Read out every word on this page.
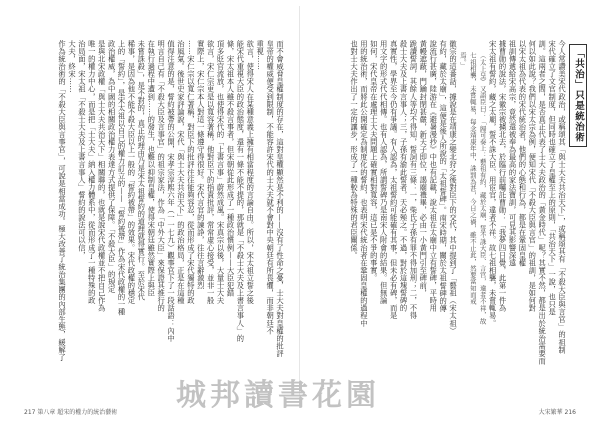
而不會威脅皇權制度的存在，這對皇權顯然是不利的——沒有了性命之憂，士大夫對皇權的批評
皇帝的權威便受到限制，不能容許宋代的士大夫就不會對中央朝廷有所畏懼，而非朝廷不
重視……
欲言，使得宋人在某種意義上擁有相當程度的言論自由。所以，宋太祖立誓之後
能宋代重視大臣的政治態度，還有一條不能不提的，那就是「不殺士大夫及上書言事人」的
條，宋太祖本人雖不殺言事者，但宋朝從此形成了一種政治慣例——大臣犯錯
頂多貶官流放，也使得宋代的「上書言事」蔚然成風。宋真宗以後，大量士大夫
欲言，宋仁宗更是以寬容著稱，他對臣下的指責批評，常常虛心接受，並非一般
實際上，宋仁宗本人對這一條遵守得很好。宋代言官的諫諍，往往言辭激烈
……宋仁宗以寬仁著稱，對臣下的批評往往能夠容忍，從而形成了宋代獨特的政
治風氣。後世史家評論說，宋代「與士大夫共治天下」的政治格局，正是在這種
值得注意的是，誓約被帶的公開，宋孝宗淳熙六年（一一七九）觀事官下了一段話語：內中
明言自己有「不殺大臣及言事官」的祖宗家法，作為「中外大臣」來保證其推行的
在執行過程中遭到……的發生，也難以抑制皇權，使得宋朝廷雖然實際上與臣
未嘗誅殺」，是不對的，真正的理由乃是宋太祖誓約的道理就得實行。至於宋代
稀事，是因為他不能不殺大臣以上一般的「誓約被帶」的效果。宋代政權的穩定
上的「誓約」，是宋太祖以自己的權力訂立的——「誓約被帶」作為宋代政權的一種
政治權威，為中國的相關政治權力表達方式提供了保障。「不殺大臣」的規定
是與北宋政權「與士大夫共治天下」相關聯的，也就是說宋代政權並不把自己作為
唯一的權力中心，而是把「士大夫」納入權力體系中，從而形成了一種特殊的政
治局面，宋太祖「不殺士大夫及上書言事人」誓約的說法可以信，
大夫，終宋……
作為統治術的「不殺大臣與言事官」，可說是相當成功。極大改善了統治集團的內部生態，緩解了
217 第八章 超宋的權力的統治藝術
「共治」只是統治術
今人常讚美宋代政治，或稱頌其「與士大夫共治天下」，或稱頌其有「不殺大臣與言官」的祖制
宋代確立了文官制度，但同時也確立了皇權至上的原則，「共治天下」一說，也只是
訓。這兩者之間，是否真正代表了士大夫政治的「黃金時代」呢？其實不然，都是出於統治需要而
何以如此說？我們以宋太宗為例，便知宋代「不殺大臣與言官」的祖訓，是如何對
以宋太祖為代表的宋代統治者，他們的心態和行為，都是在鞏固皇權
祖訓傳遞給宋高宗，竟然還被奉為最高的家法寶訓，可見其影響深遠
據曹勛的說法，宋徽宗被擄北去，於臨行前囑託曹勛：「我夢四日覺，此第一件為
宋太祖有誓約，藏之太廟，誓不誅大臣、用宦官，違者不祥。故七祖相襲，未嘗輒易。
（太上皇）又語臣曰：「歸可奏上：藝祖有約，藏於太廟，誓不誅大臣、言官，違者不祥，故
七祖相襲，未嘗輒易，每念靖康年中，誅罰為甚，今日之禍，雖不止此，然要當知而戒
焉。」
徽宗的這番話，據說是在靖康之變北狩之後對臣下的交代，其中提到了「藝祖（宋太祖）
有約，藏於太廟」，這便是後人所說的「太祖誓碑」。南宋時期，關於太祖誓碑的傳
說流行甚廣，陸游在《避暑漫抄》中也有記載，說太祖在太廟中立有誓碑，平時用
黃幔遮蔽，門鑰封閉甚嚴，新天子即位，謁廟禮畢，必由一小黃門引至碑前，
跪讀誓詞，其餘人等均不得知，誓詞有三條：一，柴氏子孫有罪不得加刑；二，不得
殺士大夫及上書言事人；三，子孫有渝此誓者，天必殛之。不過，對於這塊誓碑的
真實性，學界至今仍有爭議。有人認為，太祖誓約可能確有其事，但未必有碑，而是
用文字的形式代代相傳。也有人認為，所謂誓碑乃是南宋人附會的結果。但無論
如何，宋代皇帝在處理士大夫問題上確實相對寬容，這已是不爭的事實。
用的統治術，而將此公開確定為制度化的誓約，也表明宋代統治者在鞏固皇權的過程中
也對士大夫作出了一定的讓步，形成了一種較為特殊的君臣關係。
大宋繁華 216
城邦讀書花園
